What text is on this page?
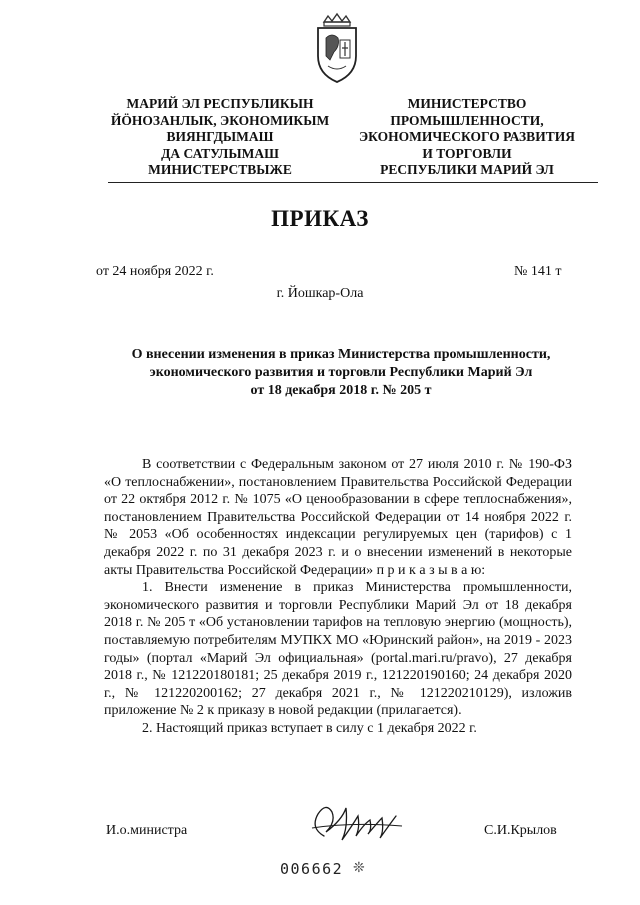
МАРИЙ ЭЛ РЕСПУБЛИКЫН
ЙӦНОЗАНЛЫК, ЭКОНОМИКЫМ
ВИЯНГДЫМАШ
ДА САТУЛЫМАШ
МИНИСТЕРСТВЫЖЕ
МИНИСТЕРСТВО
ПРОМЫШЛЕННОСТИ,
ЭКОНОМИЧЕСКОГО РАЗВИТИЯ
И ТОРГОВЛИ
РЕСПУБЛИКИ МАРИЙ ЭЛ
ПРИКАЗ
от 24 ноября 2022 г.	№ 141 т
г. Йошкар-Ола
О внесении изменения в приказ Министерства промышленности,
экономического развития и торговли Республики Марий Эл
от 18 декабря 2018 г. № 205 т

В соответствии с Федеральным законом от 27 июля 2010 г. № 190-ФЗ «О теплоснабжении», постановлением Правительства Российской Федерации от 22 октября 2012 г. № 1075 «О ценообразовании в сфере теплоснабжения», постановлением Правительства Российской Федерации от 14 ноября 2022 г. № 2053 «Об особенностях индексации регулируемых цен (тарифов) с 1 декабря 2022 г. по 31 декабря 2023 г. и о внесении изменений в некоторые акты Правительства Российской Федерации» п р и к а з ы в а ю:

1. Внести изменение в приказ Министерства промышленности, экономического развития и торговли Республики Марий Эл от 18 декабря 2018 г. № 205 т «Об установлении тарифов на тепловую энергию (мощность), поставляемую потребителям МУПКХ МО «Юринский район», на 2019 - 2023 годы» (портал «Марий Эл официальная» (portal.mari.ru/pravo), 27 декабря 2018 г., № 121220180181; 25 декабря 2019 г., 121220190160; 24 декабря 2020 г., № 121220200162; 27 декабря 2021 г., № 121220210129), изложив приложение № 2 к приказу в новой редакции (прилагается).

2. Настоящий приказ вступает в силу с 1 декабря 2022 г.

И.о.министра	С.И.Крылов
006662 ❊
